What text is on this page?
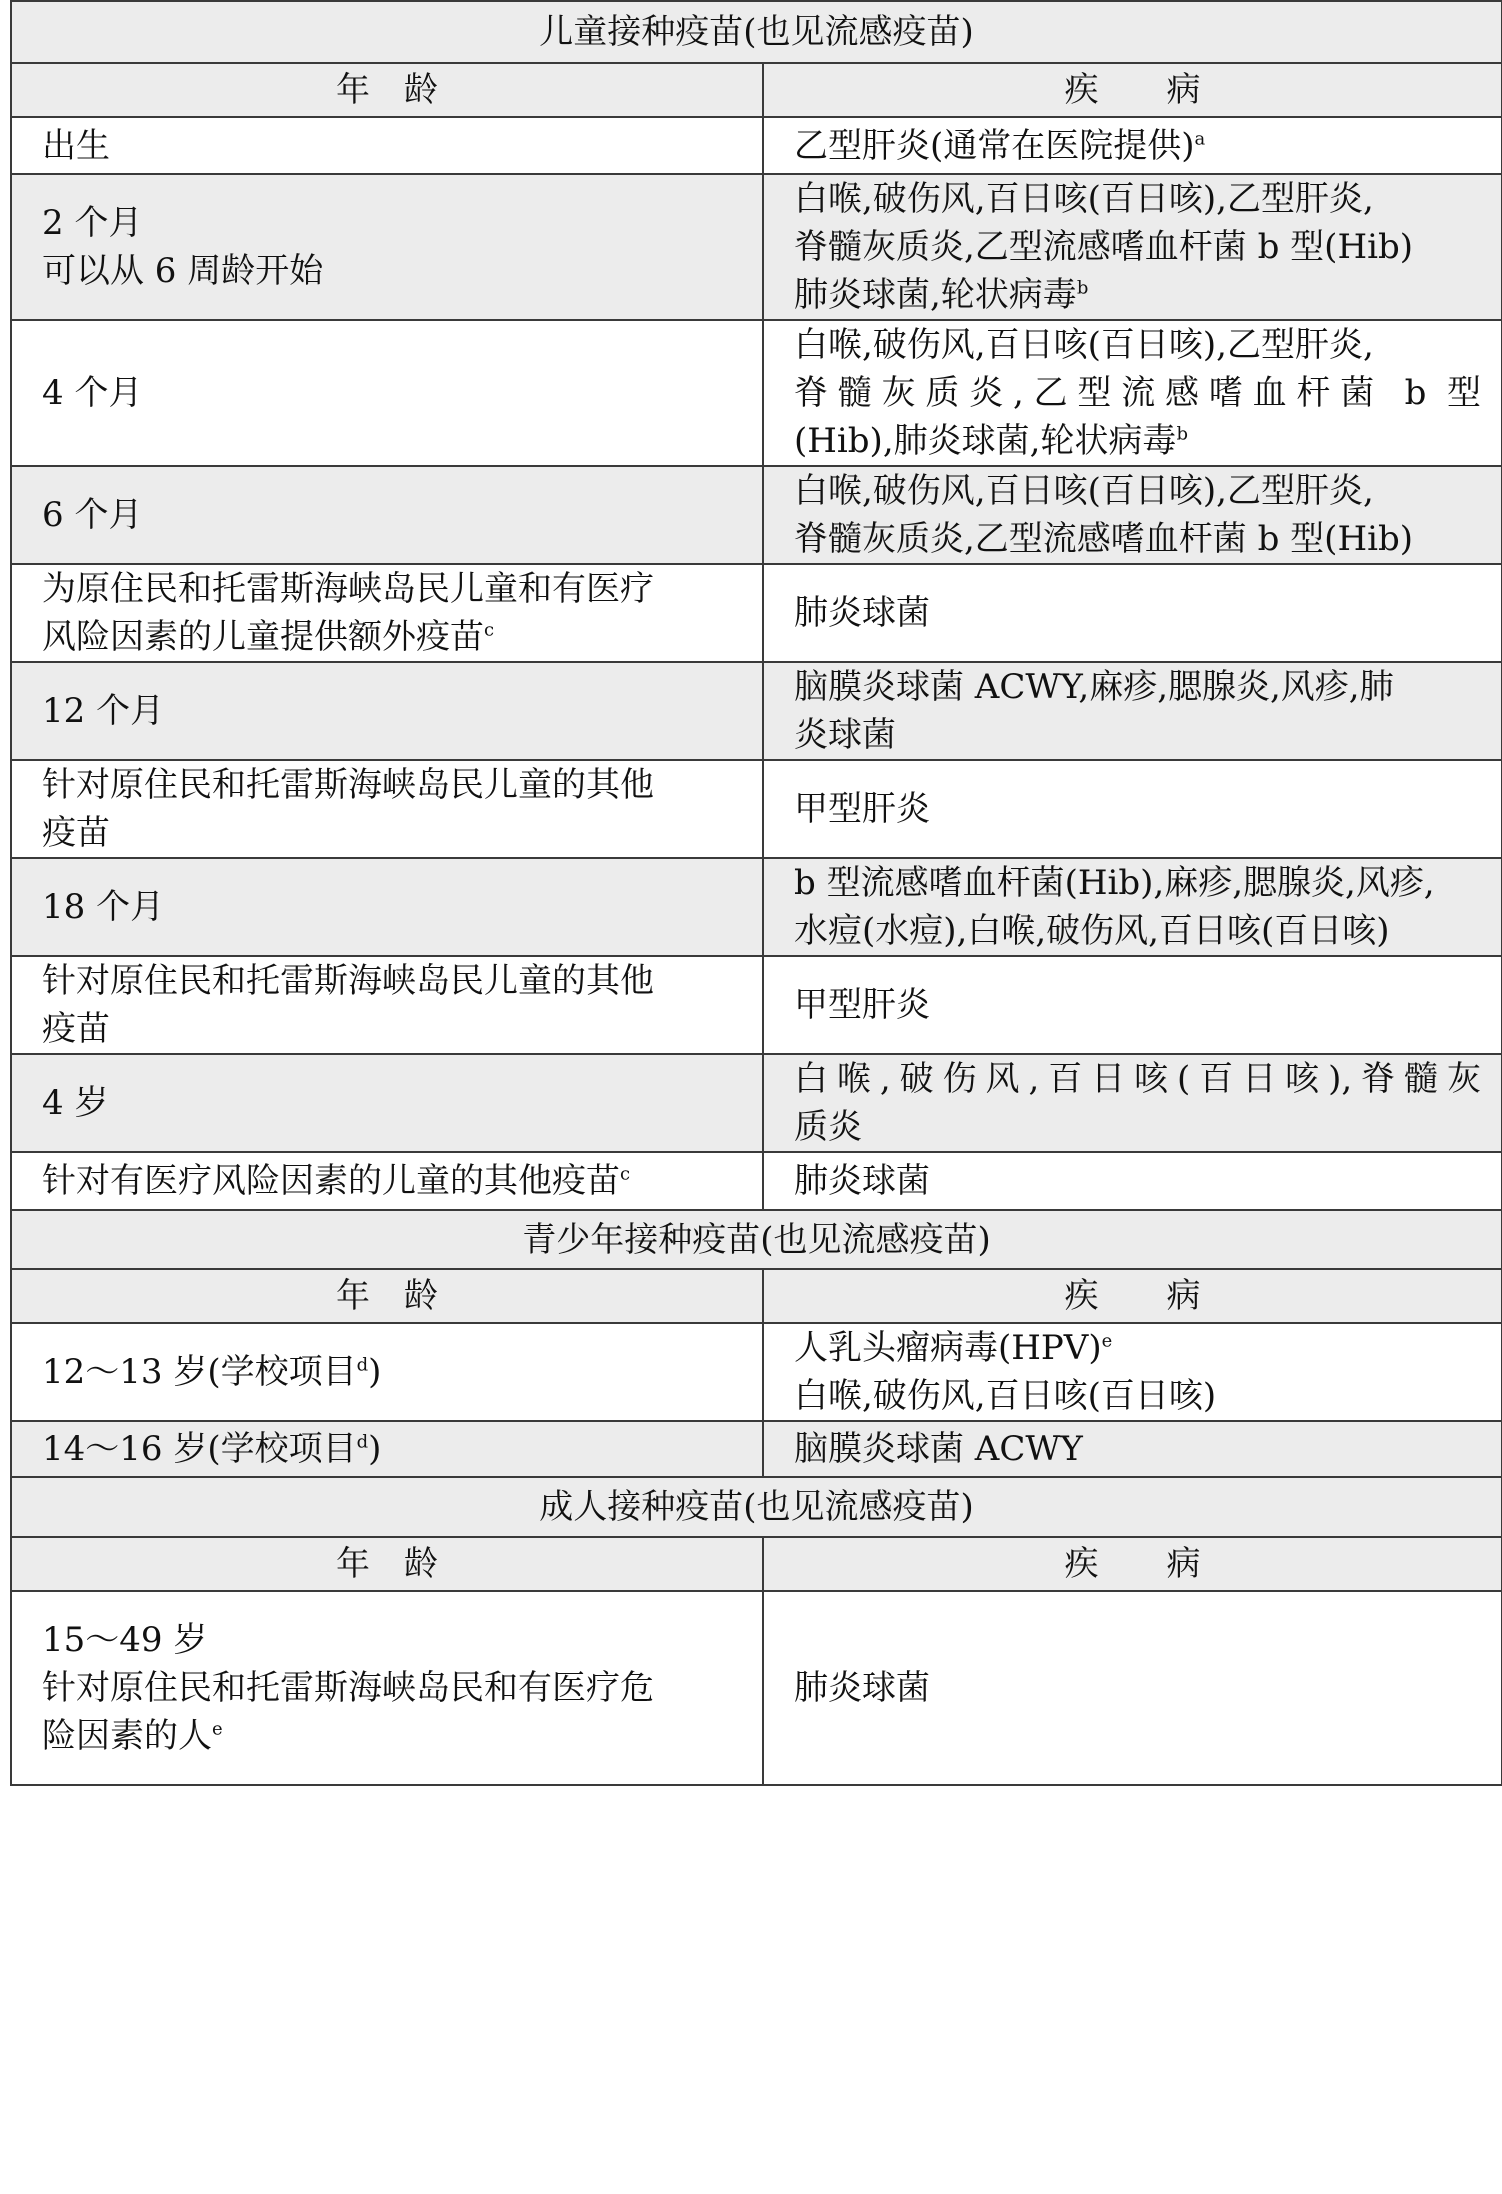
儿童接种疫苗(也见流感疫苗)	
年　龄	疾　　病

出生	乙型肝炎(通常在医院提供)$^a$

2 个月
可以从 6 周龄开始	白喉,破伤风,百日咳(百日咳),乙型肝炎,
脊髓灰质炎,乙型流感嗜血杆菌 b 型(Hib)
肺炎球菌,轮状病毒$^b$

4 个月	白喉,破伤风,百日咳(百日咳),乙型肝炎,
脊髓灰质炎,乙型流感嗜血杆菌 b 型
(Hib),肺炎球菌,轮状病毒$^b$

6 个月	白喉,破伤风,百日咳(百日咳),乙型肝炎,
脊髓灰质炎,乙型流感嗜血杆菌 b 型(Hib)

为原住民和托雷斯海峡岛民儿童和有医疗
风险因素的儿童提供额外疫苗$^c$	肺炎球菌

12 个月	脑膜炎球菌 ACWY,麻疹,腮腺炎,风疹,肺
炎球菌

针对原住民和托雷斯海峡岛民儿童的其他
疫苗	甲型肝炎

18 个月	b 型流感嗜血杆菌(Hib),麻疹,腮腺炎,风疹,
水痘(水痘),白喉,破伤风,百日咳(百日咳)

针对原住民和托雷斯海峡岛民儿童的其他
疫苗	甲型肝炎

4 岁	白喉,破伤风,百日咳(百日咳),脊髓灰
质炎

针对有医疗风险因素的儿童的其他疫苗$^c$	肺炎球菌

青少年接种疫苗(也见流感疫苗)	
年　龄	疾　　病

12～13 岁(学校项目$^d$)	人乳头瘤病毒(HPV)$^e$
白喉,破伤风,百日咳(百日咳)

14～16 岁(学校项目$^d$)	脑膜炎球菌 ACWY

成人接种疫苗(也见流感疫苗)	
年　龄	疾　　病

15～49 岁
针对原住民和托雷斯海峡岛民和有医疗危
险因素的人$^e$	肺炎球菌
